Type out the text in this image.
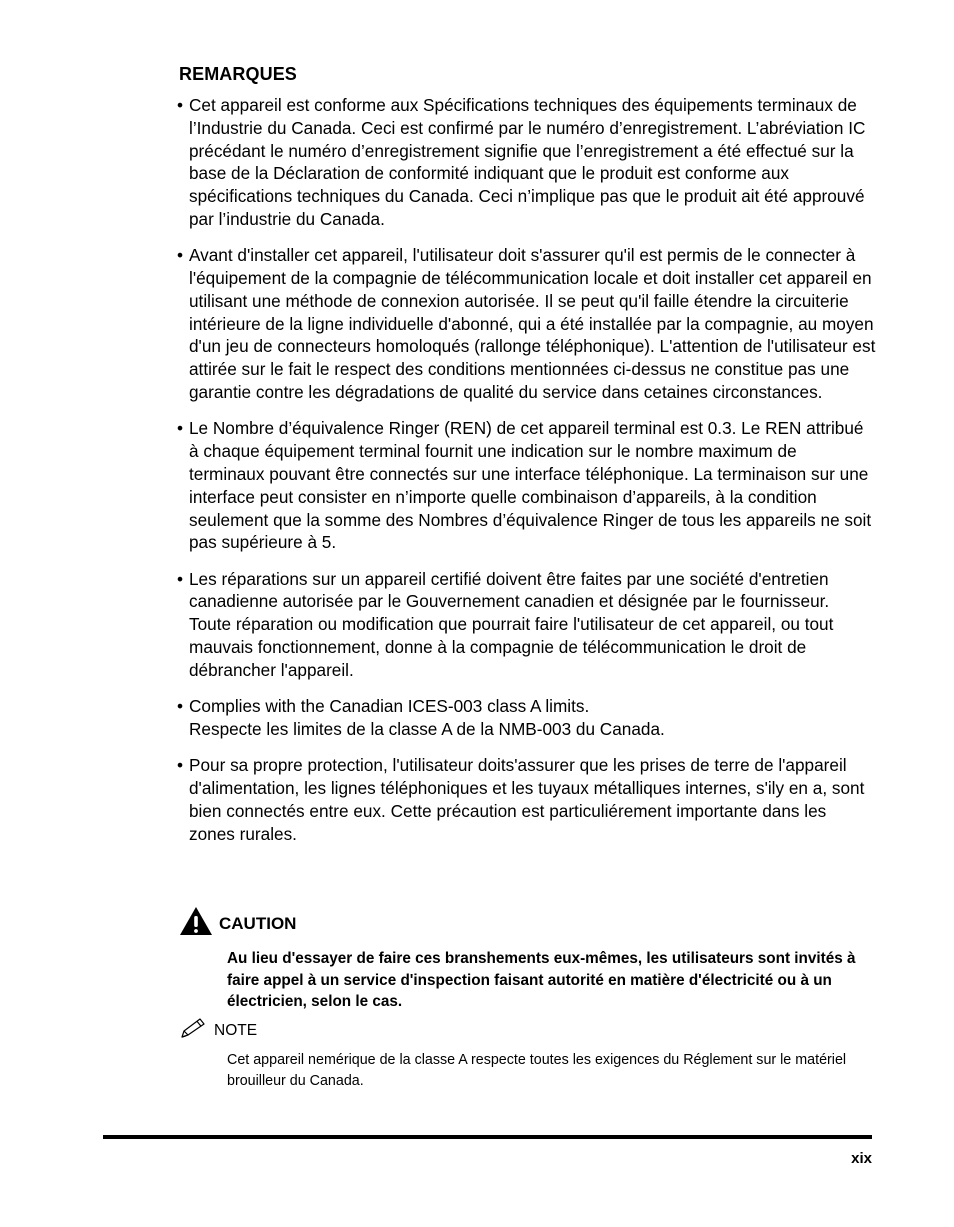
REMARQUES
• Cet appareil est conforme aux Spécifications techniques des équipements terminaux de l’Industrie du Canada. Ceci est confirmé par le numéro d’enregistrement. L’abréviation IC précédant le numéro d’enregistrement signifie que l’enregistrement a été effectué sur la base de la Déclaration de conformité indiquant que le produit est conforme aux spécifications techniques du Canada. Ceci n’implique pas que le produit ait été approuvé par l’industrie du Canada.
• Avant d'installer cet appareil, l'utilisateur doit s'assurer qu'il est permis de le connecter à l'équipement de la compagnie de télécommunication locale et doit installer cet appareil en utilisant une méthode de connexion autorisée. Il se peut qu'il faille étendre la circuiterie intérieure de la ligne individuelle d'abonné, qui a été installée par la compagnie, au moyen d'un jeu de connecteurs homoloqués (rallonge téléphonique). L'attention de l'utilisateur est attirée sur le fait le respect des conditions mentionnées ci-dessus ne constitue pas une garantie contre les dégradations de qualité du service dans cetaines circonstances.
• Le Nombre d’équivalence Ringer (REN) de cet appareil terminal est 0.3. Le REN attribué à chaque équipement terminal fournit une indication sur le nombre maximum de terminaux pouvant être connectés sur une interface téléphonique. La terminaison sur une interface peut consister en n’importe quelle combinaison d’appareils, à la condition seulement que la somme des Nombres d’équivalence Ringer de tous les appareils ne soit pas supérieure à 5.
• Les réparations sur un appareil certifié doivent être faites par une société d'entretien canadienne autorisée par le Gouvernement canadien et désignée par le fournisseur.
Toute réparation ou modification que pourrait faire l'utilisateur de cet appareil, ou tout mauvais fonctionnement, donne à la compagnie de télécommunication le droit de débrancher l'appareil.
• Complies with the Canadian ICES-003 class A limits.
Respecte les limites de la classe A de la NMB-003 du Canada.
• Pour sa propre protection, l'utilisateur doits'assurer que les prises de terre de l'appareil d'alimentation, les lignes téléphoniques et les tuyaux métalliques internes, s'ily en a, sont bien connectés entre eux. Cette précaution est particuliérement importante dans les zones rurales.
CAUTION
Au lieu d'essayer de faire ces branshements eux-mêmes, les utilisateurs sont invités à faire appel à un service d'inspection faisant autorité en matière d'électricité ou à un électricien, selon le cas.
NOTE
Cet appareil nemérique de la classe A respecte toutes les exigences du Réglement sur le matériel brouilleur du Canada.
xix
